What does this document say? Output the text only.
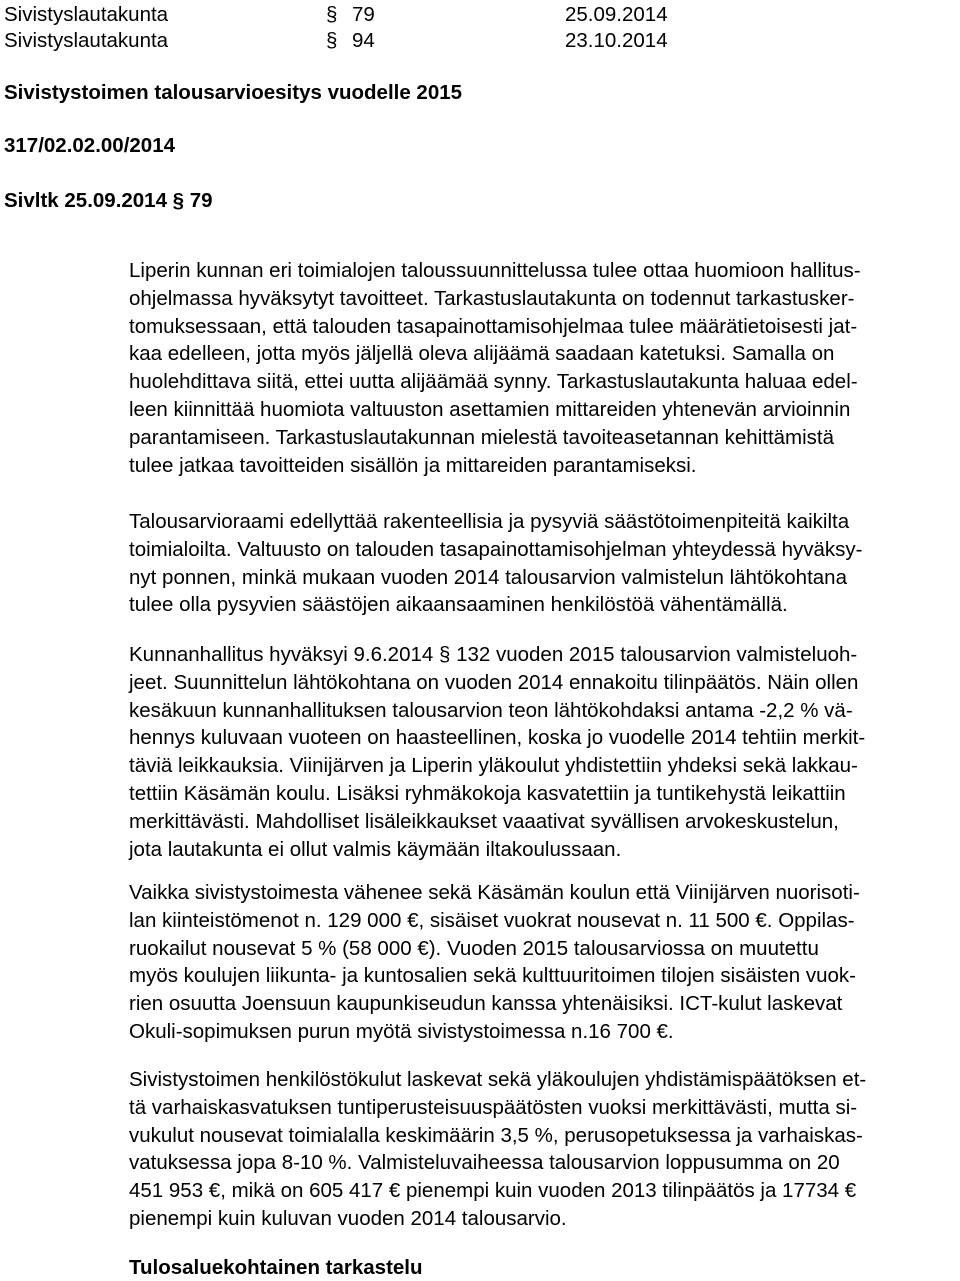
Sivistyslautakunta	§ 79	25.09.2014
Sivistyslautakunta	§ 94	23.10.2014
Sivistystoimen talousarvioesitys vuodelle 2015
317/02.02.00/2014
Sivltk 25.09.2014 § 79
Liperin kunnan eri toimialojen taloussuunnittelussa tulee ottaa huomioon hallitus-
ohjelmassa hyväksytyt tavoitteet. Tarkastuslautakunta on todennut tarkastusker-
tomuksessaan, että talouden tasapainottamisohjelmaa tulee määrätietoisesti jat-
kaa edelleen, jotta myös jäljellä oleva alijäämä saadaan katetuksi. Samalla on
huolehdittava siitä, ettei uutta alijäämää synny. Tarkastuslautakunta haluaa edel-
leen kiinnittää huomiota valtuuston asettamien mittareiden yhtenevän arvioinnin
parantamiseen. Tarkastuslautakunnan mielestä tavoiteasetannan kehittämistä
tulee jatkaa tavoitteiden sisällön ja mittareiden parantamiseksi.
Talousarvioraami edellyttää rakenteellisia ja pysyviä säästötoimenpiteitä kaikilta
toimialoilta. Valtuusto on talouden tasapainottamisohjelman yhteydessä hyväksy-
nyt ponnen, minkä mukaan vuoden 2014 talousarvion valmistelun lähtökohtana
tulee olla pysyvien säästöjen aikaansaaminen henkilöstöä vähentämällä.
Kunnanhallitus hyväksyi 9.6.2014 § 132 vuoden 2015 talousarvion valmisteluoh-
jeet. Suunnittelun lähtökohtana on vuoden 2014 ennakoitu tilinpäätös. Näin ollen
kesäkuun kunnanhallituksen talousarvion teon lähtökohdaksi antama -2,2 % vä-
hennys kuluvaan vuoteen on haasteellinen, koska jo vuodelle 2014 tehtiin merkit-
täviä leikkauksia. Viinijärven ja Liperin yläkoulut yhdistettiin yhdeksi sekä lakkau-
tettiin Käsämän koulu. Lisäksi ryhmäkokoja kasvatettiin ja tuntikehystä leikattiin
merkittävästi. Mahdolliset lisäleikkaukset vaaativat syvällisen arvokeskustelun,
jota lautakunta ei ollut valmis käymään iltakoulussaan.
Vaikka sivistystoimesta vähenee sekä Käsämän koulun että Viinijärven nuorisoti-
lan kiinteistömenot n. 129 000 €, sisäiset vuokrat nousevat n. 11 500 €. Oppilas-
ruokailut nousevat 5 % (58 000 €). Vuoden 2015 talousarviossa on muutettu
myös koulujen liikunta- ja kuntosalien sekä kulttuuritoimen tilojen sisäisten vuok-
rien osuutta Joensuun kaupunkiseudun kanssa yhtenäisiksi. ICT-kulut laskevat
Okuli-sopimuksen purun myötä sivistystoimessa n.16 700 €.
Sivistystoimen henkilöstökulut laskevat sekä yläkoulujen yhdistämispäätöksen et-
tä varhaiskasvatuksen tuntiperusteisuuspäätösten vuoksi merkittävästi, mutta si-
vukulut nousevat toimialalla keskimäärin 3,5 %, perusopetuksessa ja varhaiskas-
vatuksessa jopa 8-10 %. Valmisteluvaiheessa talousarvion loppusumma on 20
451 953 €, mikä on 605 417 € pienempi kuin vuoden 2013 tilinpäätös ja 17734 €
pienempi kuin kuluvan vuoden 2014 talousarvio.
Tulosaluekohtainen tarkastelu
